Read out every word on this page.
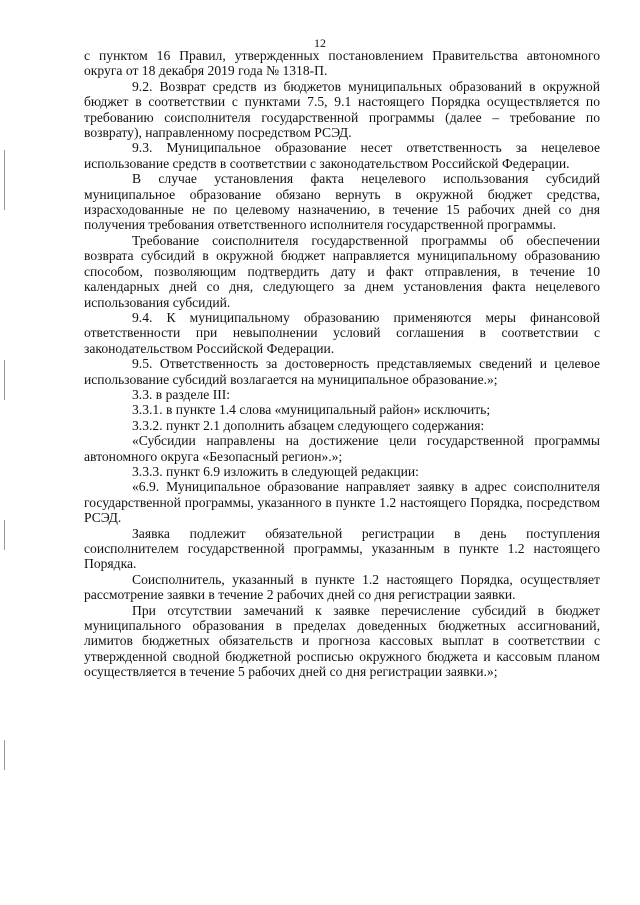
12

с пунктом 16 Правил, утвержденных постановлением Правительства автономного округа от 18 декабря 2019 года № 1318-П.

9.2. Возврат средств из бюджетов муниципальных образований в окружной бюджет в соответствии с пунктами 7.5, 9.1 настоящего Порядка осуществляется по требованию соисполнителя государственной программы (далее – требование по возврату), направленному посредством РСЭД.

9.3. Муниципальное образование несет ответственность за нецелевое использование средств в соответствии с законодательством Российской Федерации.

В случае установления факта нецелевого использования субсидий муниципальное образование обязано вернуть в окружной бюджет средства, израсходованные не по целевому назначению, в течение 15 рабочих дней со дня получения требования ответственного исполнителя государственной программы.

Требование соисполнителя государственной программы об обеспечении возврата субсидий в окружной бюджет направляется муниципальному образованию способом, позволяющим подтвердить дату и факт отправления, в течение 10 календарных дней со дня, следующего за днем установления факта нецелевого использования субсидий.

9.4. К муниципальному образованию применяются меры финансовой ответственности при невыполнении условий соглашения в соответствии с законодательством Российской Федерации.

9.5. Ответственность за достоверность представляемых сведений и целевое использование субсидий возлагается на муниципальное образование.»;

3.3. в разделе III:

3.3.1. в пункте 1.4 слова «муниципальный район» исключить;

3.3.2. пункт 2.1 дополнить абзацем следующего содержания:

«Субсидии направлены на достижение цели государственной программы автономного округа «Безопасный регион».»;

3.3.3. пункт 6.9 изложить в следующей редакции:

«6.9. Муниципальное образование направляет заявку в адрес соисполнителя государственной программы, указанного в пункте 1.2 настоящего Порядка, посредством РСЭД.

Заявка подлежит обязательной регистрации в день поступления соисполнителем государственной программы, указанным в пункте 1.2 настоящего Порядка.

Соисполнитель, указанный в пункте 1.2 настоящего Порядка, осуществляет рассмотрение заявки в течение 2 рабочих дней со дня регистрации заявки.

При отсутствии замечаний к заявке перечисление субсидий в бюджет муниципального образования в пределах доведенных бюджетных ассигнований, лимитов бюджетных обязательств и прогноза кассовых выплат в соответствии с утвержденной сводной бюджетной росписью окружного бюджета и кассовым планом осуществляется в течение 5 рабочих дней со дня регистрации заявки.»;
